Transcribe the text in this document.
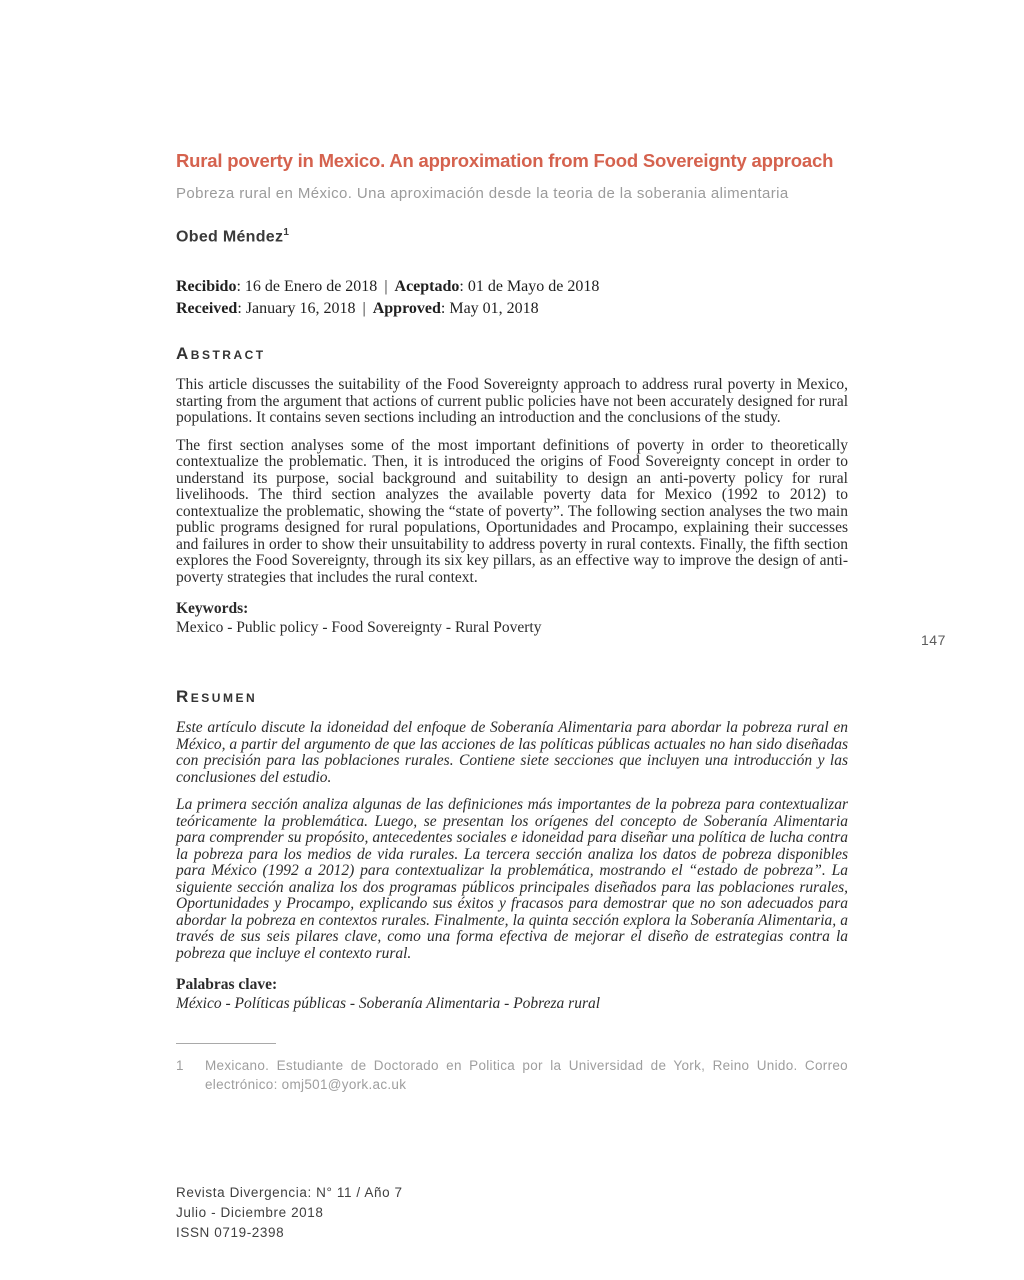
Rural poverty in Mexico. An approximation from Food Sovereignty approach

Pobreza rural en México. Una aproximación desde la teoria de la soberania alimentaria

Obed Méndez$^1$

Recibido: 16 de Enero de 2018 | Aceptado: 01 de Mayo de 2018

Received: January 16, 2018 | Approved: May 01, 2018

Abstract

This article discusses the suitability of the Food Sovereignty approach to address rural poverty in Mexico, starting from the argument that actions of current public policies have not been accurately designed for rural populations. It contains seven sections including an introduction and the conclusions of the study.

The first section analyses some of the most important definitions of poverty in order to theoretically contextualize the problematic. Then, it is introduced the origins of Food Sovereignty concept in order to understand its purpose, social background and suitability to design an anti-poverty policy for rural livelihoods. The third section analyzes the available poverty data for Mexico (1992 to 2012) to contextualize the problematic, showing the “state of poverty”. The following section analyses the two main public programs designed for rural populations, Oportunidades and Procampo, explaining their successes and failures in order to show their unsuitability to address poverty in rural contexts. Finally, the fifth section explores the Food Sovereignty, through its six key pillars, as an effective way to improve the design of anti-poverty strategies that includes the rural context.

Keywords:

Mexico - Public policy - Food Sovereignty - Rural Poverty

Resumen

Este artículo discute la idoneidad del enfoque de Soberanía Alimentaria para abordar la pobreza rural en México, a partir del argumento de que las acciones de las políticas públicas actuales no han sido diseñadas con precisión para las poblaciones rurales. Contiene siete secciones que incluyen una introducción y las conclusiones del estudio.

La primera sección analiza algunas de las definiciones más importantes de la pobreza para contextualizar teóricamente la problemática. Luego, se presentan los orígenes del concepto de Soberanía Alimentaria para comprender su propósito, antecedentes sociales e idoneidad para diseñar una política de lucha contra la pobreza para los medios de vida rurales. La tercera sección analiza los datos de pobreza disponibles para México (1992 a 2012) para contextualizar la problemática, mostrando el “estado de pobreza”. La siguiente sección analiza los dos programas públicos principales diseñados para las poblaciones rurales, Oportunidades y Procampo, explicando sus éxitos y fracasos para demostrar que no son adecuados para abordar la pobreza en contextos rurales. Finalmente, la quinta sección explora la Soberanía Alimentaria, a través de sus seis pilares clave, como una forma efectiva de mejorar el diseño de estrategias contra la pobreza que incluye el contexto rural.

Palabras clave:

México - Políticas públicas - Soberanía Alimentaria - Pobreza rural

1	Mexicano. Estudiante de Doctorado en Politica por la Universidad de York, Reino Unido. Correo electrónico: omj501@york.ac.uk
147

Revista Divergencia: N° 11 / Año 7

Julio - Diciembre 2018

ISSN 0719-2398
